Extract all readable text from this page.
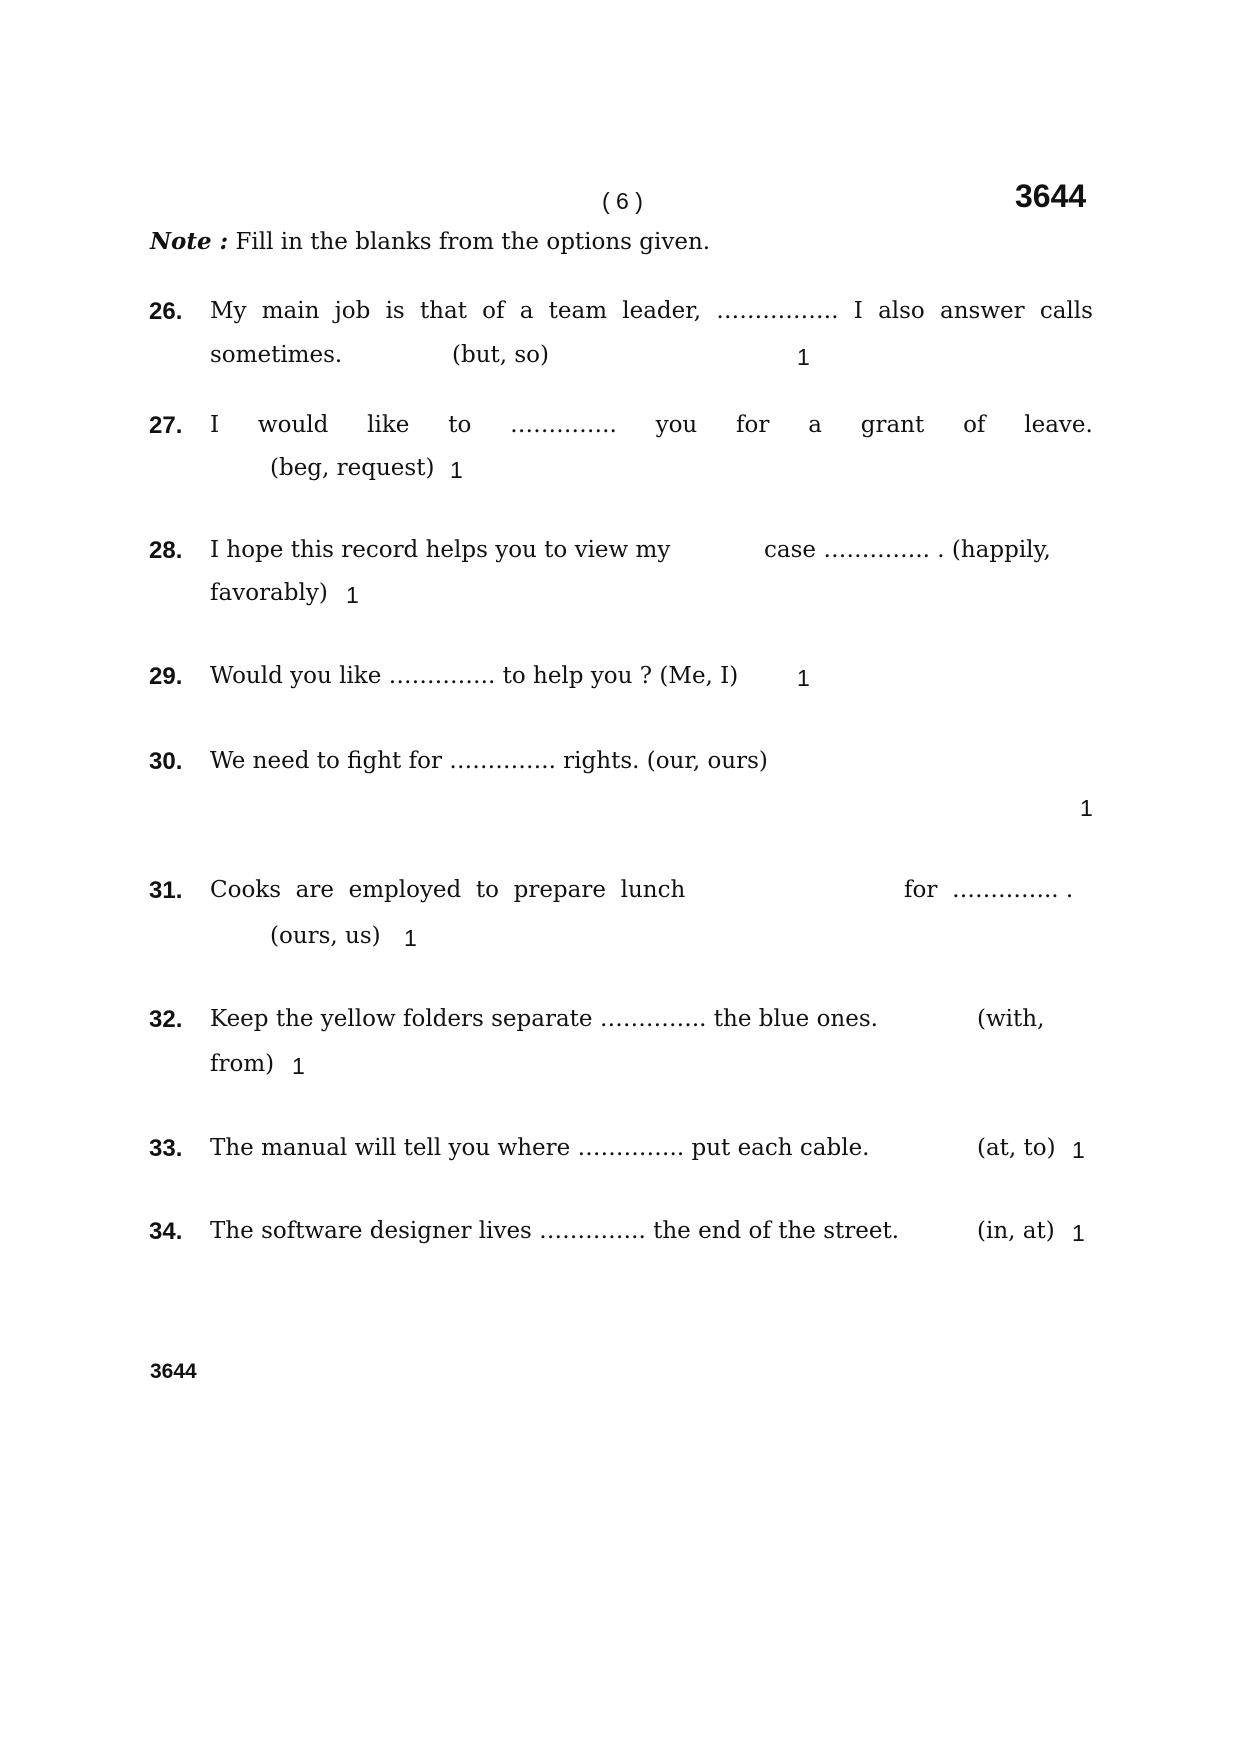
( 6 )	3644
Note : Fill in the blanks from the options given.
26. My main job is that of a team leader, ……………. I also answer calls
sometimes.	(but, so)	1
27. I would like to ………….. you for a grant of leave.
(beg, request) 1
28. I hope this record helps you to view my	case ………….. . (happily,
favorably) 1
29. Would you like ………….. to help you ? (Me, I)	1
30. We need to fight for ………….. rights. (our, ours)
1
31. Cooks  are  employed  to  prepare  lunch	for  ………….. .
(ours, us) 1
32. Keep the yellow folders separate ………….. the blue ones.	(with,
from) 1
33. The manual will tell you where ………….. put each cable.	(at, to) 1
34. The software designer lives ………….. the end of the street.	(in, at) 1
3644
